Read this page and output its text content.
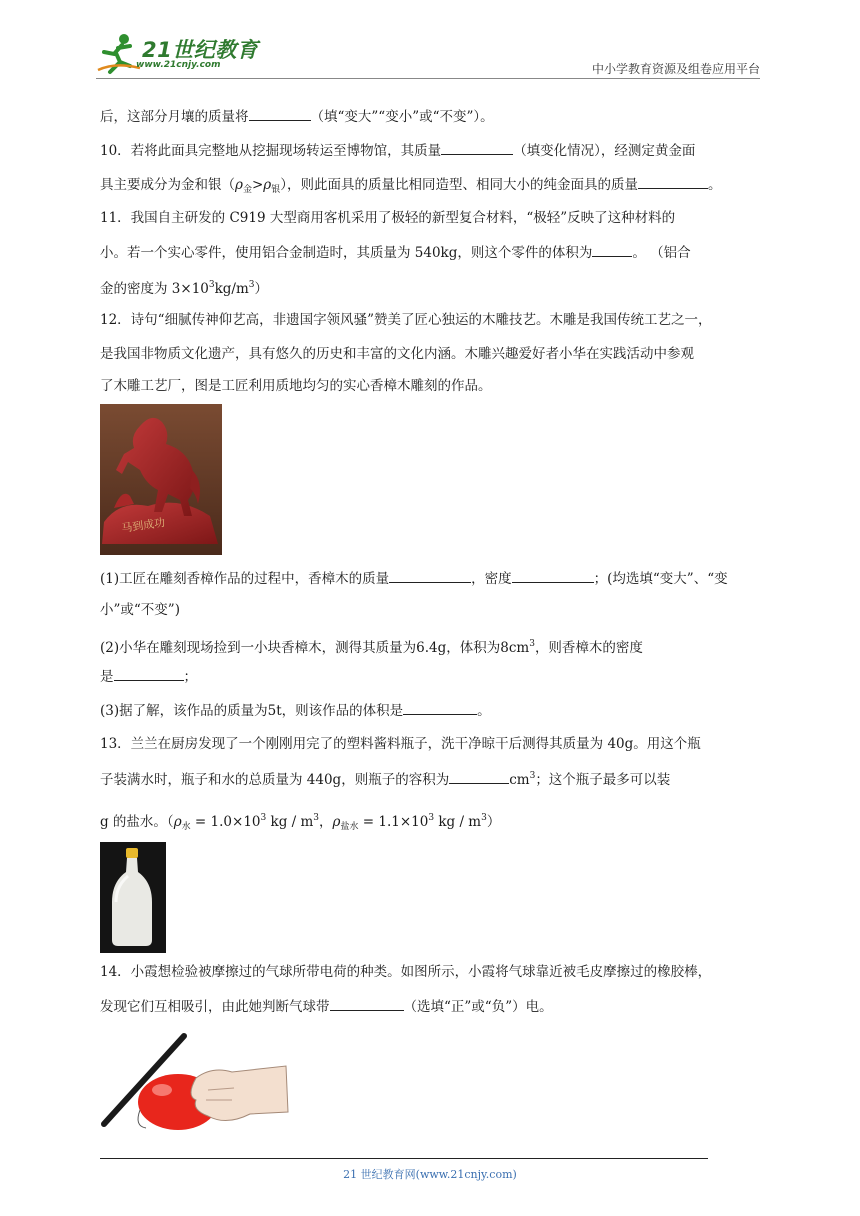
21世纪教育
www.21cnjy.com	中小学教育资源及组卷应用平台
后，这部分月壤的质量将	（填“变大”“变小”或“不变”）。
10．若将此面具完整地从挖掘现场转运至博物馆，其质量	（填变化情况），经测定黄金面
具主要成分为金和银$(\rho_金>\rho_银)$，则此面具的质量比相同造型、相同大小的纯金面具的质量	。
11．我国自主研发的 C919 大型商用客机采用了极轻的新型复合材料，“极轻”反映了这种材料的
小。若一个实心零件，使用铝合金制造时，其质量为 540kg，则这个零件的体积为	。 （铝合
金的密度为 $3\times 10^3kg/m^3$）
12．诗句“细腻传神仰艺高，非遗国字领风骚”赞美了匠心独运的木雕技艺。木雕是我国传统工艺之一，
是我国非物质文化遗产，具有悠久的历史和丰富的文化内涵。木雕兴趣爱好者小华在实践活动中参观
了木雕工艺厂，图是工匠利用质地均匀的实心香樟木雕刻的作品。
(1)工匠在雕刻香樟作品的过程中，香樟木的质量	，密度	；(均选填“变大”、“变
小”或“不变”)
(2)小华在雕刻现场捡到一小块香樟木，测得其质量为6.4g，体积为$8cm^3$，则香樟木的密度
是	；
(3)据了解，该作品的质量为5t，则该作品的体积是	。
13．兰兰在厨房发现了一个刚刚用完了的塑料酱料瓶子，洗干净晾干后测得其质量为 40g。用这个瓶
子装满水时，瓶子和水的总质量为 440g，则瓶子的容积为	$cm^3$；这个瓶子最多可以装
g 的盐水。（$\rho_水 = 1.0\times 10^3$ kg / $m^3$，$\rho_{盐水} = 1.1\times 10^3$ kg / $m^3$）
14．小霞想检验被摩擦过的气球所带电荷的种类。如图所示，小霞将气球靠近被毛皮摩擦过的橡胶棒，
发现它们互相吸引，由此她判断气球带	（选填“正”或“负”）电。
马到成功
21 世纪教育网(www.21cnjy.com)
